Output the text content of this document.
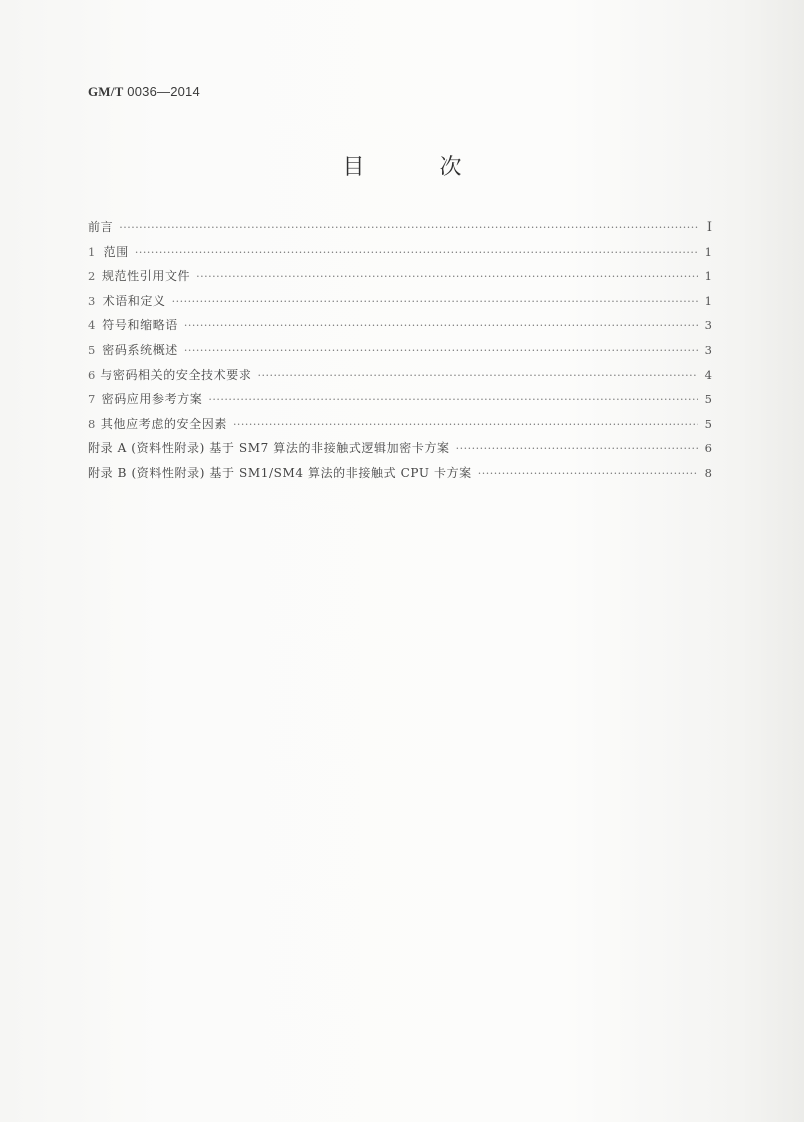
GM/T 0036—2014
目 次
前言 ·····	Ⅰ
1 范围 ·····	1
2 规范性引用文件 ·····	1
3 术语和定义 ·····	1
4 符号和缩略语 ·····	3
5 密码系统概述 ·····	3
6 与密码相关的安全技术要求 ·····	4
7 密码应用参考方案 ·····	5
8 其他应考虑的安全因素 ·····	5
附录 A (资料性附录) 基于 SM7 算法的非接触式逻辑加密卡方案 ·····	6
附录 B (资料性附录) 基于 SM1/SM4 算法的非接触式 CPU 卡方案 ·····	8
